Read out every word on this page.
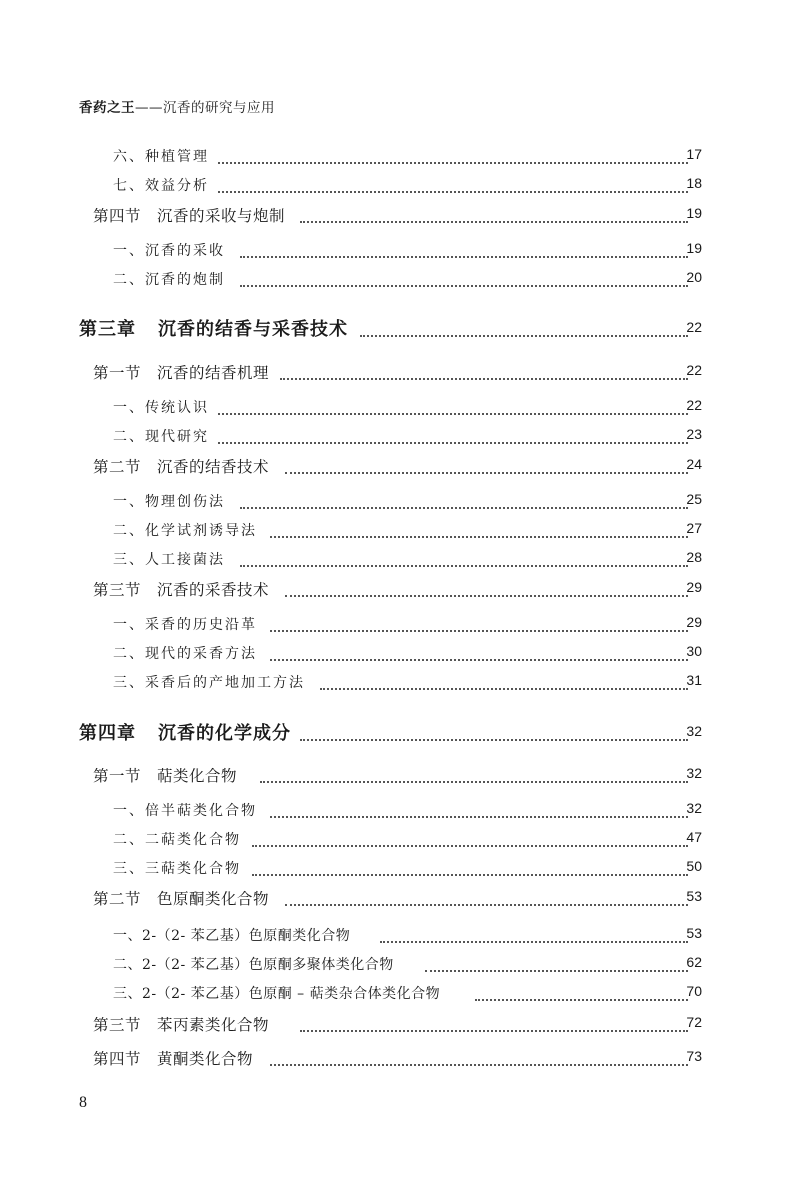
香药之王——沉香的研究与应用
六、种植管理	17
七、效益分析	18
第四节 沉香的采收与炮制	19
一、沉香的采收	19
二、沉香的炮制	20
第三章 沉香的结香与采香技术	22
第一节 沉香的结香机理	22
一、传统认识	22
二、现代研究	23
第二节 沉香的结香技术	24
一、物理创伤法	25
二、化学试剂诱导法	27
三、人工接菌法	28
第三节 沉香的采香技术	29
一、采香的历史沿革	29
二、现代的采香方法	30
三、采香后的产地加工方法	31
第四章 沉香的化学成分	32
第一节 萜类化合物	32
一、倍半萜类化合物	32
二、二萜类化合物	47
三、三萜类化合物	50
第二节 色原酮类化合物	53
一、2-（2- 苯乙基）色原酮类化合物	53
二、2-（2- 苯乙基）色原酮多聚体类化合物	62
三、2-（2- 苯乙基）色原酮 – 萜类杂合体类化合物	70
第三节 苯丙素类化合物	72
第四节 黄酮类化合物	73
8
